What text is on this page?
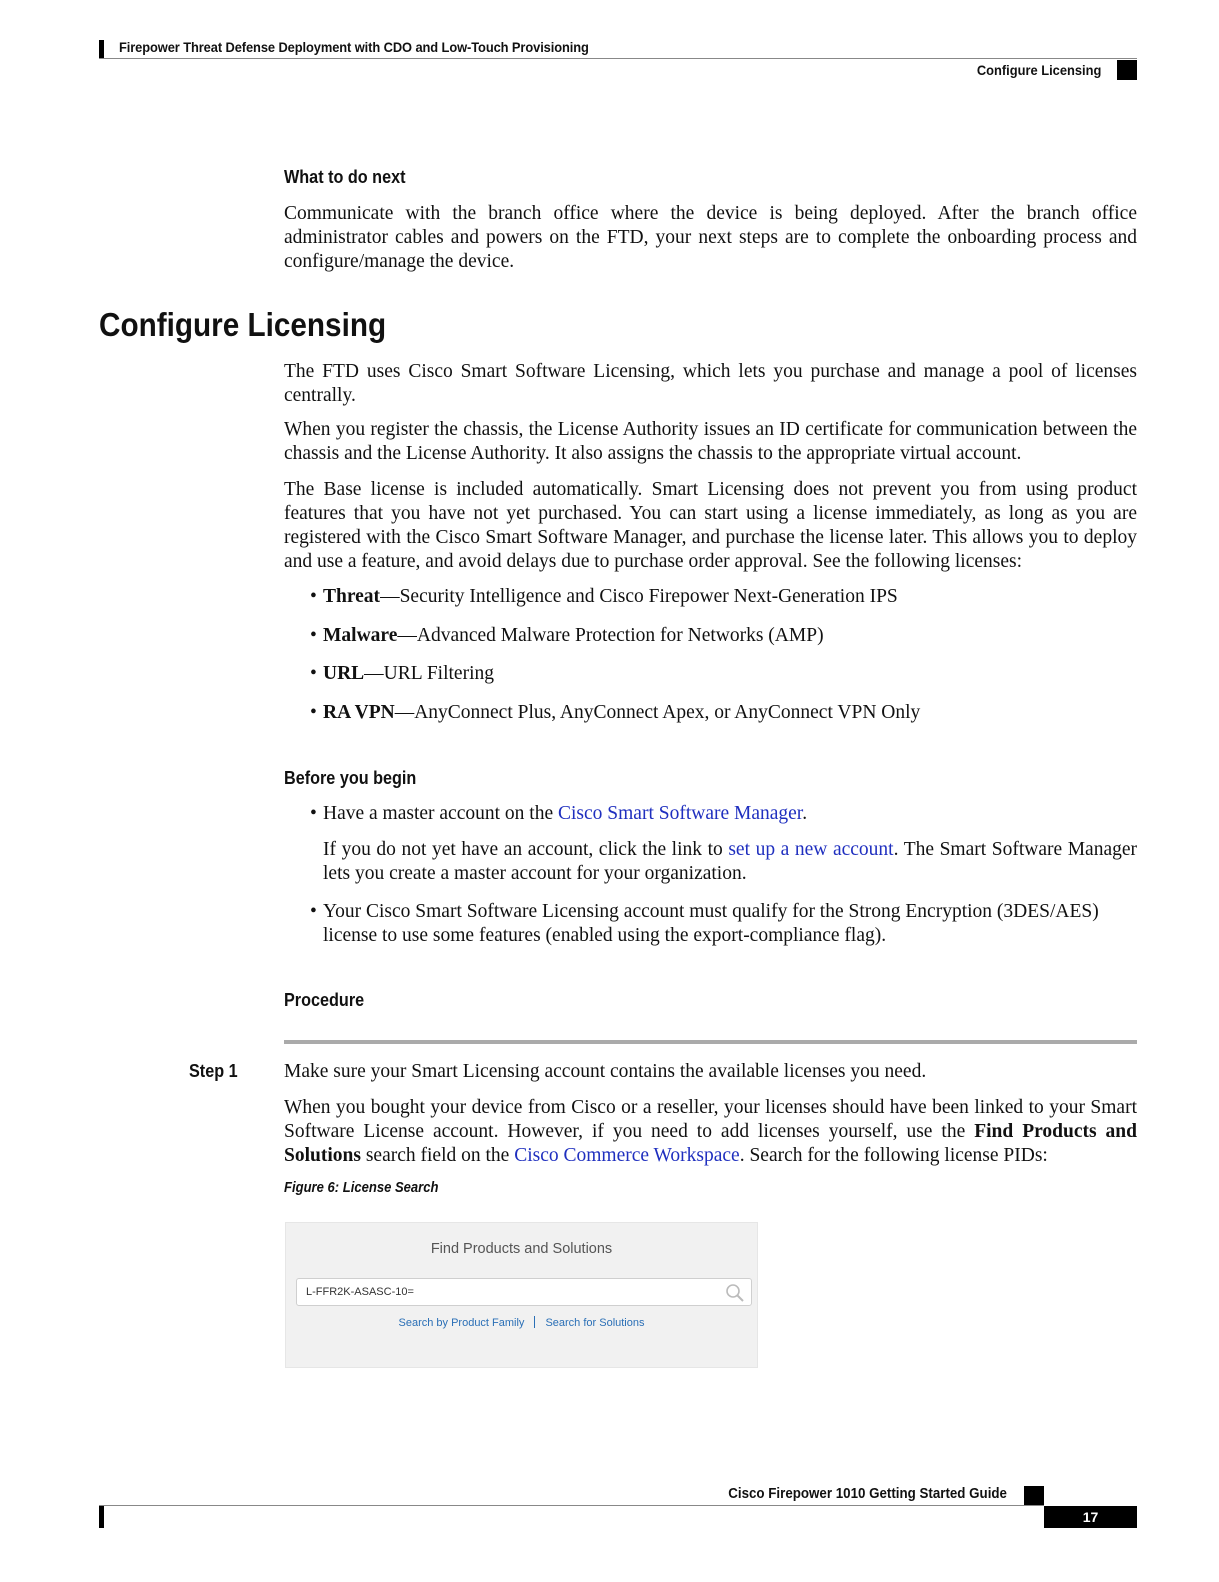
Firepower Threat Defense Deployment with CDO and Low-Touch Provisioning
Configure Licensing
What to do next
Communicate with the branch office where the device is being deployed. After the branch office administrator cables and powers on the FTD, your next steps are to complete the onboarding process and configure/manage the device.
Configure Licensing
The FTD uses Cisco Smart Software Licensing, which lets you purchase and manage a pool of licenses centrally.
When you register the chassis, the License Authority issues an ID certificate for communication between the chassis and the License Authority. It also assigns the chassis to the appropriate virtual account.
The Base license is included automatically. Smart Licensing does not prevent you from using product features that you have not yet purchased. You can start using a license immediately, as long as you are registered with the Cisco Smart Software Manager, and purchase the license later. This allows you to deploy and use a feature, and avoid delays due to purchase order approval. See the following licenses:
• Threat—Security Intelligence and Cisco Firepower Next-Generation IPS
• Malware—Advanced Malware Protection for Networks (AMP)
• URL—URL Filtering
• RA VPN—AnyConnect Plus, AnyConnect Apex, or AnyConnect VPN Only
Before you begin
• Have a master account on the Cisco Smart Software Manager.
If you do not yet have an account, click the link to set up a new account. The Smart Software Manager lets you create a master account for your organization.
• Your Cisco Smart Software Licensing account must qualify for the Strong Encryption (3DES/AES) license to use some features (enabled using the export-compliance flag).
Procedure
Step 1 Make sure your Smart Licensing account contains the available licenses you need.
When you bought your device from Cisco or a reseller, your licenses should have been linked to your Smart Software License account. However, if you need to add licenses yourself, use the Find Products and Solutions search field on the Cisco Commerce Workspace. Search for the following license PIDs:
Figure 6: License Search
Find Products and Solutions
L-FFR2K-ASASC-10=
Search by Product Family Search for Solutions
Cisco Firepower 1010 Getting Started Guide
17
